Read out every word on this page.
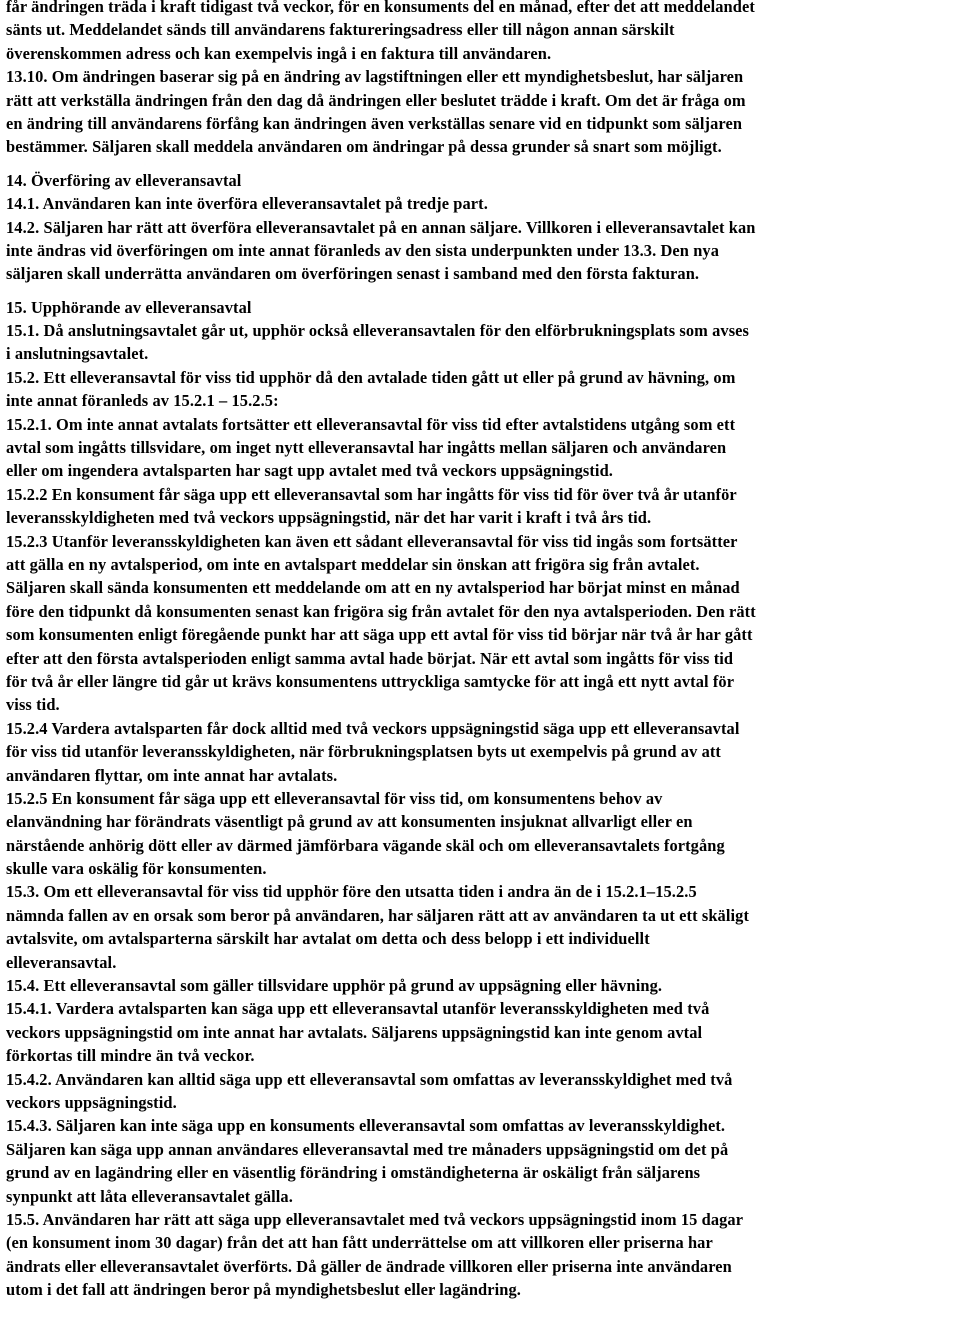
får ändringen träda i kraft tidigast två veckor, för en konsuments del en månad, efter det att meddelandet
sänts ut. Meddelandet sänds till användarens faktureringsadress eller till någon annan särskilt
överenskommen adress och kan exempelvis ingå i en faktura till användaren.
13.10. Om ändringen baserar sig på en ändring av lagstiftningen eller ett myndighetsbeslut, har säljaren
rätt att verkställa ändringen från den dag då ändringen eller beslutet trädde i kraft. Om det är fråga om
en ändring till användarens förfång kan ändringen även verkställas senare vid en tidpunkt som säljaren
bestämmer. Säljaren skall meddela användaren om ändringar på dessa grunder så snart som möjligt.
14. Överföring av elleveransavtal
14.1. Användaren kan inte överföra elleveransavtalet på tredje part.
14.2. Säljaren har rätt att överföra elleveransavtalet på en annan säljare. Villkoren i elleveransavtalet kan
inte ändras vid överföringen om inte annat föranleds av den sista underpunkten under 13.3. Den nya
säljaren skall underrätta användaren om överföringen senast i samband med den första fakturan.
15. Upphörande av elleveransavtal
15.1. Då anslutningsavtalet går ut, upphör också elleveransavtalen för den elförbrukningsplats som avses
i anslutningsavtalet.
15.2. Ett elleveransavtal för viss tid upphör då den avtalade tiden gått ut eller på grund av hävning, om
inte annat föranleds av 15.2.1 – 15.2.5:
15.2.1. Om inte annat avtalats fortsätter ett elleveransavtal för viss tid efter avtalstidens utgång som ett
avtal som ingåtts tillsvidare, om inget nytt elleveransavtal har ingåtts mellan säljaren och användaren
eller om ingendera avtalsparten har sagt upp avtalet med två veckors uppsägningstid.
15.2.2 En konsument får säga upp ett elleveransavtal som har ingåtts för viss tid för över två år utanför
leveransskyldigheten med två veckors uppsägningstid, när det har varit i kraft i två års tid.
15.2.3 Utanför leveransskyldigheten kan även ett sådant elleveransavtal för viss tid ingås som fortsätter
att gälla en ny avtalsperiod, om inte en avtalspart meddelar sin önskan att frigöra sig från avtalet.
Säljaren skall sända konsumenten ett meddelande om att en ny avtalsperiod har börjat minst en månad
före den tidpunkt då konsumenten senast kan frigöra sig från avtalet för den nya avtalsperioden. Den rätt
som konsumenten enligt föregående punkt har att säga upp ett avtal för viss tid börjar när två år har gått
efter att den första avtalsperioden enligt samma avtal hade börjat. När ett avtal som ingåtts för viss tid
för två år eller längre tid går ut krävs konsumentens uttryckliga samtycke för att ingå ett nytt avtal för
viss tid.
15.2.4 Vardera avtalsparten får dock alltid med två veckors uppsägningstid säga upp ett elleveransavtal
för viss tid utanför leveransskyldigheten, när förbrukningsplatsen byts ut exempelvis på grund av att
användaren flyttar, om inte annat har avtalats.
15.2.5 En konsument får säga upp ett elleveransavtal för viss tid, om konsumentens behov av
elanvändning har förändrats väsentligt på grund av att konsumenten insjuknat allvarligt eller en
närstående anhörig dött eller av därmed jämförbara vägande skäl och om elleveransavtalets fortgång
skulle vara oskälig för konsumenten.
15.3. Om ett elleveransavtal för viss tid upphör före den utsatta tiden i andra än de i 15.2.1–15.2.5
nämnda fallen av en orsak som beror på användaren, har säljaren rätt att av användaren ta ut ett skäligt
avtalsvite, om avtalsparterna särskilt har avtalat om detta och dess belopp i ett individuellt
elleveransavtal.
15.4. Ett elleveransavtal som gäller tillsvidare upphör på grund av uppsägning eller hävning.
15.4.1. Vardera avtalsparten kan säga upp ett elleveransavtal utanför leveransskyldigheten med två
veckors uppsägningstid om inte annat har avtalats. Säljarens uppsägningstid kan inte genom avtal
förkortas till mindre än två veckor.
15.4.2. Användaren kan alltid säga upp ett elleveransavtal som omfattas av leveransskyldighet med två
veckors uppsägningstid.
15.4.3. Säljaren kan inte säga upp en konsuments elleveransavtal som omfattas av leveransskyldighet.
Säljaren kan säga upp annan användares elleveransavtal med tre månaders uppsägningstid om det på
grund av en lagändring eller en väsentlig förändring i omständigheterna är oskäligt från säljarens
synpunkt att låta elleveransavtalet gälla.
15.5. Användaren har rätt att säga upp elleveransavtalet med två veckors uppsägningstid inom 15 dagar
(en konsument inom 30 dagar) från det att han fått underrättelse om att villkoren eller priserna har
ändrats eller elleveransavtalet överförts. Då gäller de ändrade villkoren eller priserna inte användaren
utom i det fall att ändringen beror på myndighetsbeslut eller lagändring.
